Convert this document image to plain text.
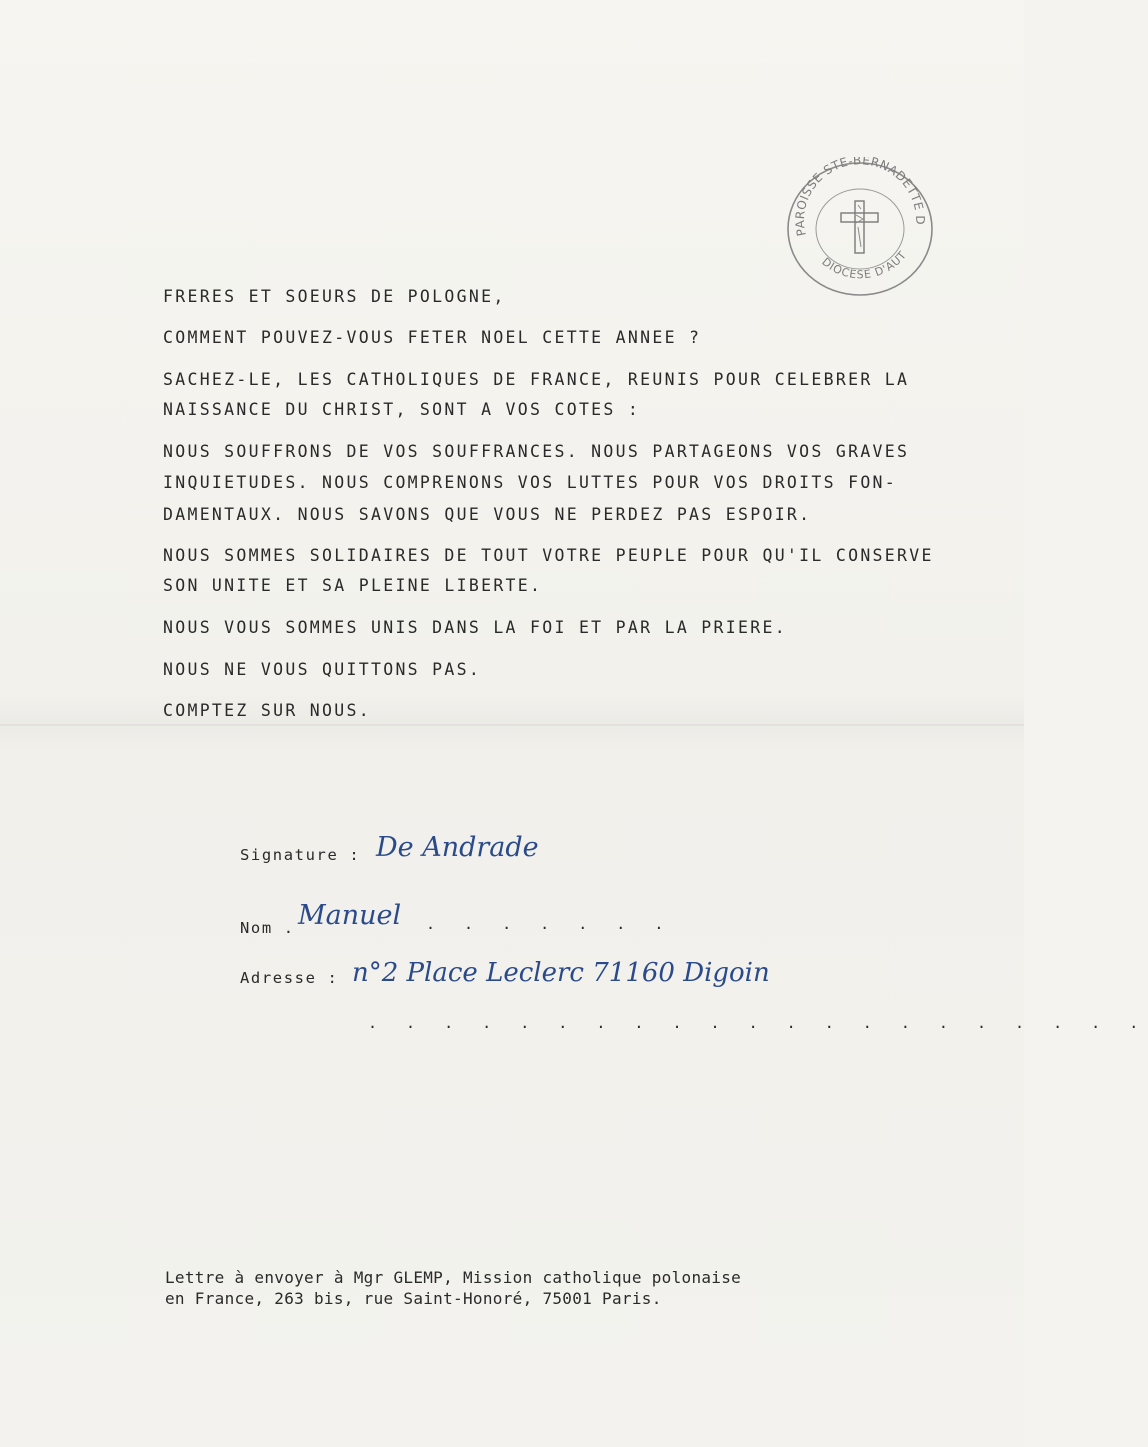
PAROISSE STE-BERNADETTE D
DIOCESE D'AUT
FRERES ET SOEURS DE POLOGNE,
COMMENT POUVEZ-VOUS FETER NOEL CETTE ANNEE ?
SACHEZ-LE, LES CATHOLIQUES DE FRANCE, REUNIS POUR CELEBRER LA
NAISSANCE DU CHRIST, SONT A VOS COTES :
NOUS SOUFFRONS DE VOS SOUFFRANCES. NOUS PARTAGEONS VOS GRAVES
INQUIETUDES. NOUS COMPRENONS VOS LUTTES POUR VOS DROITS FON-
DAMENTAUX. NOUS SAVONS QUE VOUS NE PERDEZ PAS ESPOIR.
NOUS SOMMES SOLIDAIRES DE TOUT VOTRE PEUPLE POUR QU'IL CONSERVE
SON UNITE ET SA PLEINE LIBERTE.
NOUS VOUS SOMMES UNIS DANS LA FOI ET PAR LA PRIERE.
NOUS NE VOUS QUITTONS PAS.
COMPTEZ SUR NOUS.
Signature : De Andrade
Nom . Manuel . . . . . . .
Adresse : n°2 Place Leclerc 71160 Digoin
. . . . . . . . . . . . . . . . . . . . .
Lettre à envoyer à Mgr GLEMP, Mission catholique polonaise
en France, 263 bis, rue Saint-Honoré, 75001 Paris.
